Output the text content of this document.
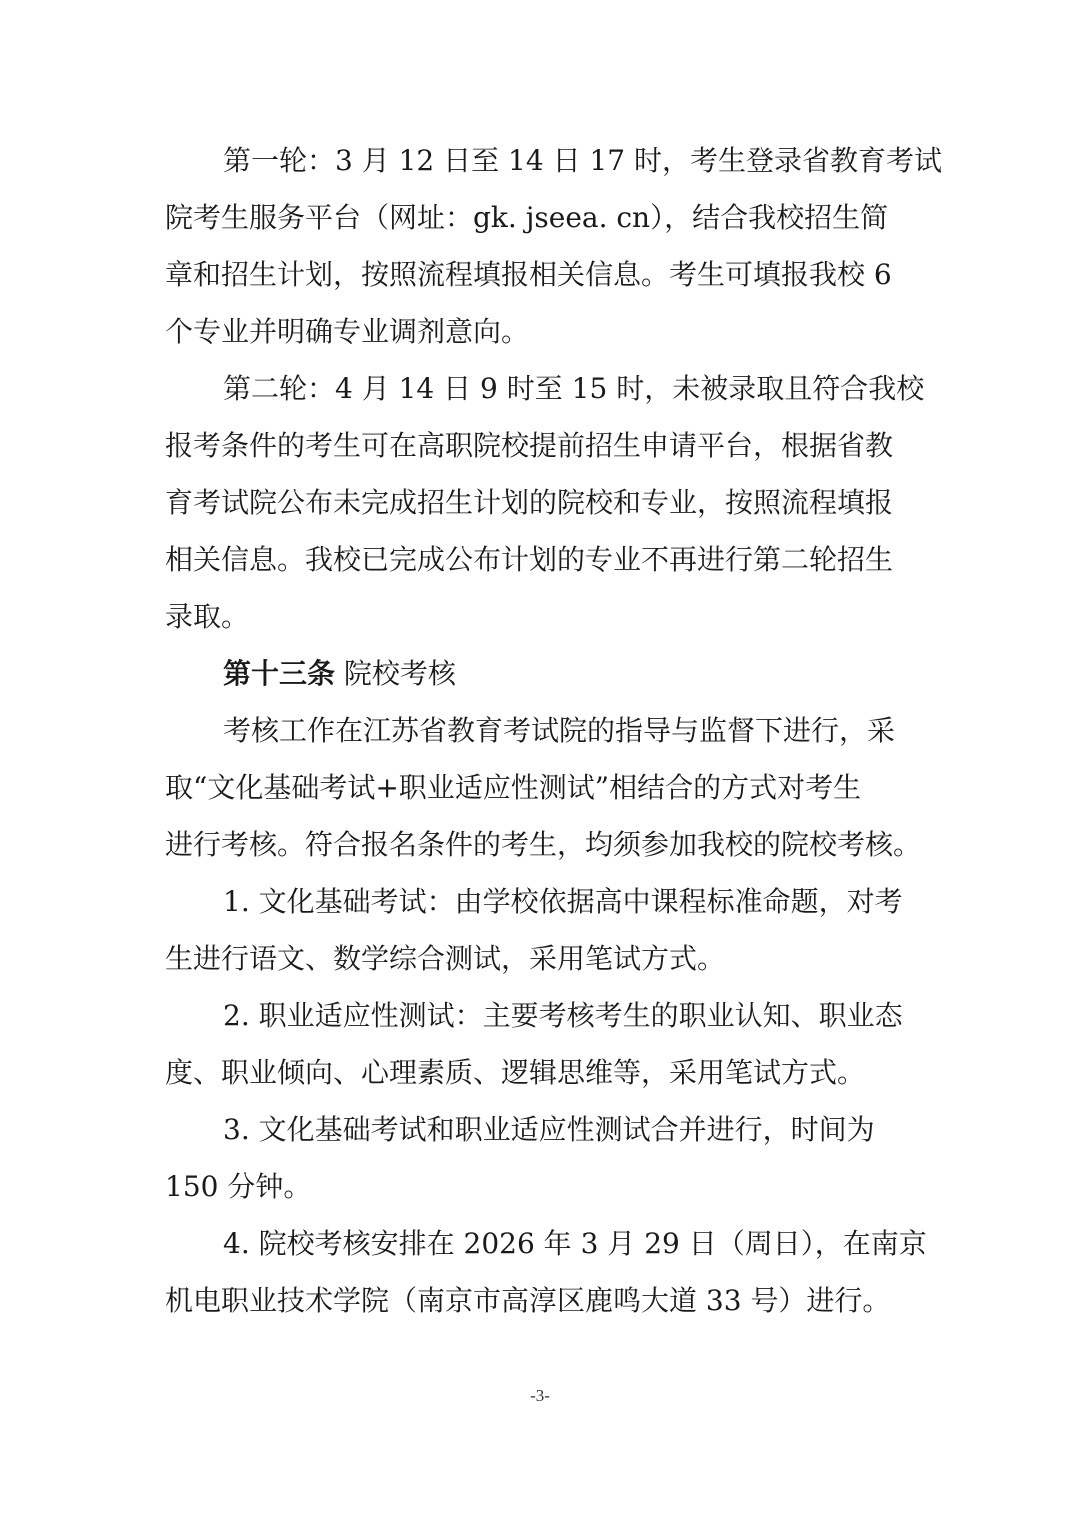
第一轮：3 月 12 日至 14 日 17 时，考生登录省教育考试
院考生服务平台（网址：gk. jseea. cn），结合我校招生简
章和招生计划，按照流程填报相关信息。考生可填报我校 6
个专业并明确专业调剂意向。
第二轮：4 月 14 日 9 时至 15 时，未被录取且符合我校
报考条件的考生可在高职院校提前招生申请平台，根据省教
育考试院公布未完成招生计划的院校和专业，按照流程填报
相关信息。我校已完成公布计划的专业不再进行第二轮招生
录取。
第十三条 院校考核
考核工作在江苏省教育考试院的指导与监督下进行，采
取“文化基础考试+职业适应性测试”相结合的方式对考生
进行考核。符合报名条件的考生，均须参加我校的院校考核。
1. 文化基础考试：由学校依据高中课程标准命题，对考
生进行语文、数学综合测试，采用笔试方式。
2. 职业适应性测试：主要考核考生的职业认知、职业态
度、职业倾向、心理素质、逻辑思维等，采用笔试方式。
3. 文化基础考试和职业适应性测试合并进行，时间为
150 分钟。
4. 院校考核安排在 2026 年 3 月 29 日（周日），在南京
机电职业技术学院（南京市高淳区鹿鸣大道 33 号）进行。
-3-
